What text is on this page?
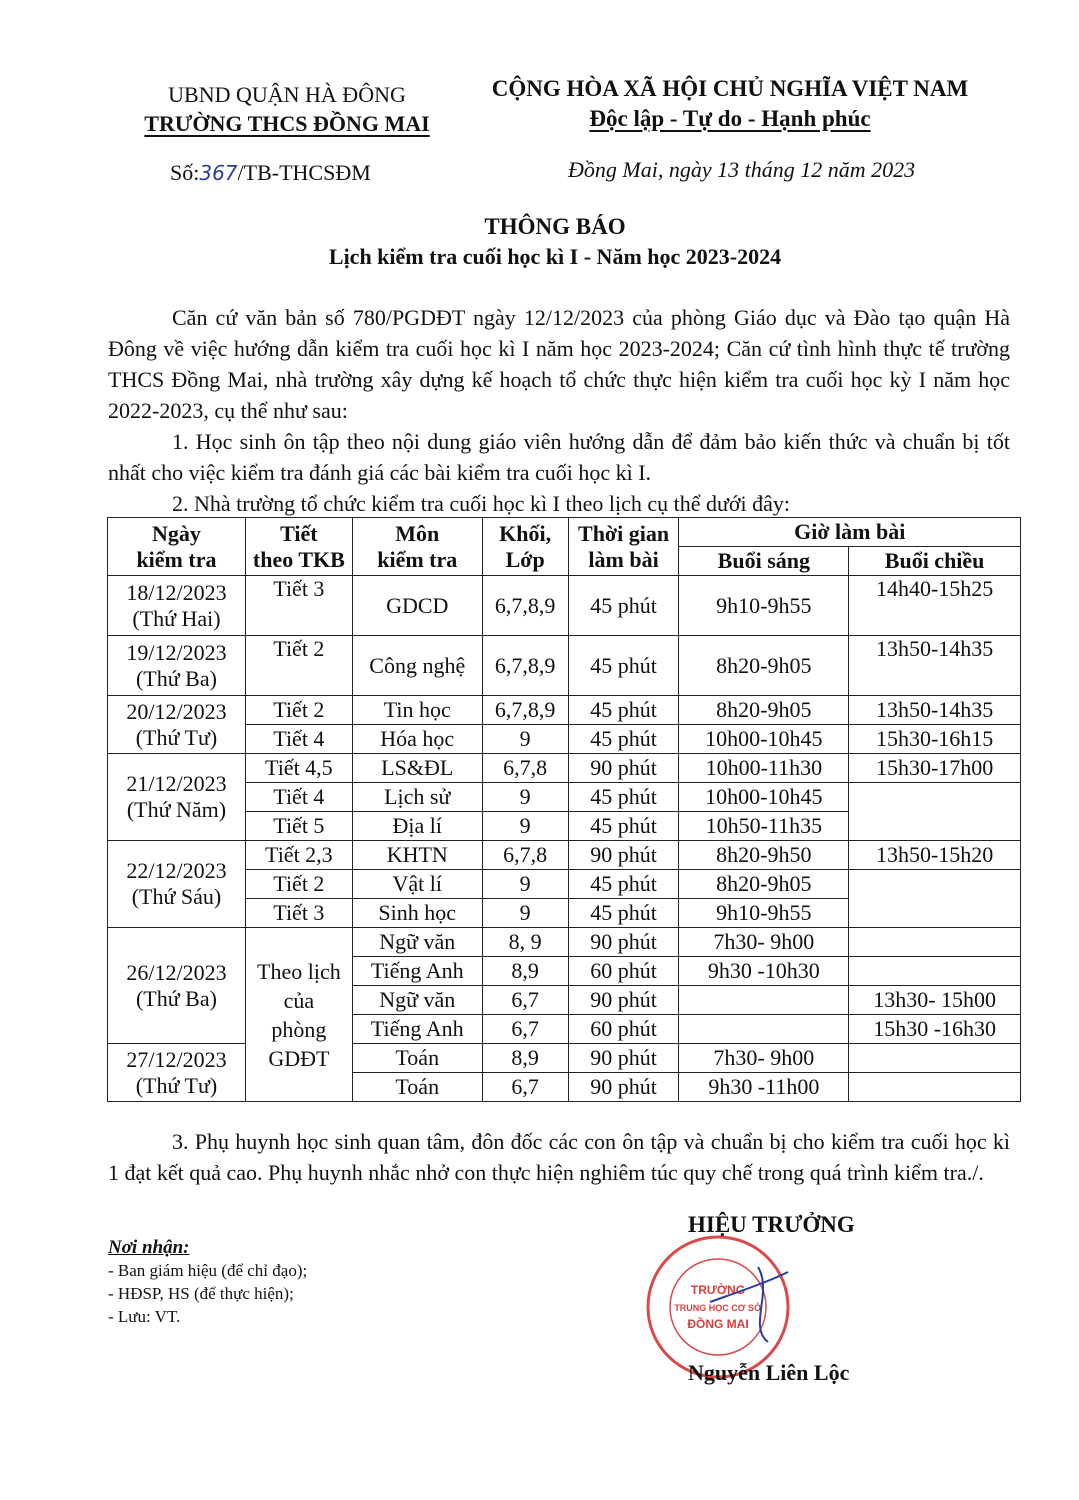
UBND QUẬN HÀ ĐÔNG
TRƯỜNG THCS ĐỒNG MAI
CỘNG HÒA XÃ HỘI CHỦ NGHĨA VIỆT NAM
Độc lập - Tự do - Hạnh phúc
Số:367/TB-THCSĐM	Đồng Mai, ngày 13 tháng 12 năm 2023
THÔNG BÁO
Lịch kiểm tra cuối học kì I - Năm học 2023-2024

Căn cứ văn bản số 780/PGDĐT ngày 12/12/2023 của phòng Giáo dục và Đào tạo quận Hà Đông về việc hướng dẫn kiểm tra cuối học kì I năm học 2023-2024; Căn cứ tình hình thực tế trường THCS Đồng Mai, nhà trường xây dựng kế hoạch tổ chức thực hiện kiểm tra cuối học kỳ I năm học 2022-2023, cụ thể như sau:

1. Học sinh ôn tập theo nội dung giáo viên hướng dẫn để đảm bảo kiến thức và chuẩn bị tốt nhất cho việc kiểm tra đánh giá các bài kiểm tra cuối học kì I.

2. Nhà trường tổ chức kiểm tra cuối học kì I theo lịch cụ thể dưới đây:

Ngày
kiểm tra	Tiết
theo TKB	Môn
kiểm tra	Khối,
Lớp	Thời gian
làm bài	Giờ làm bài	
					Buổi sáng	Buổi chiều
18/12/2023
(Thứ Hai)	Tiết 3	GDCD	6,7,8,9	45 phút	9h10-9h55	14h40-15h25
19/12/2023
(Thứ Ba)	Tiết 2	Công nghệ	6,7,8,9	45 phút	8h20-9h05	13h50-14h35
20/12/2023
(Thứ Tư)	Tiết 2	Tin học	6,7,8,9	45 phút	8h20-9h05	13h50-14h35
	Tiết 4	Hóa học	9	45 phút	10h00-10h45	15h30-16h15
21/12/2023
(Thứ Năm)	Tiết 4,5	LS&ĐL	6,7,8	90 phút	10h00-11h30	15h30-17h00
	Tiết 4	Lịch sử	9	45 phút	10h00-10h45	
	Tiết 5	Địa lí	9	45 phút	10h50-11h35	
22/12/2023
(Thứ Sáu)	Tiết 2,3	KHTN	6,7,8	90 phút	8h20-9h50	13h50-15h20
	Tiết 2	Vật lí	9	45 phút	8h20-9h05	
	Tiết 3	Sinh học	9	45 phút	9h10-9h55	
26/12/2023
(Thứ Ba)	Theo lịch
của
phòng
GDĐT	Ngữ văn	8, 9	90 phút	7h30- 9h00	
		Tiếng Anh	8,9	60 phút	9h30 -10h30	
		Ngữ văn	6,7	90 phút		13h30- 15h00
		Tiếng Anh	6,7	60 phút		15h30 -16h30
27/12/2023
(Thứ Tư)		Toán	8,9	90 phút	7h30- 9h00	
		Toán	6,7	90 phút	9h30 -11h00	
3. Phụ huynh học sinh quan tâm, đôn đốc các con ôn tập và chuẩn bị cho kiểm tra cuối học kì 1 đạt kết quả cao. Phụ huynh nhắc nhở con thực hiện nghiêm túc quy chế trong quá trình kiểm tra./.
Nơi nhận:
- Ban giám hiệu (để chỉ đạo);
- HĐSP, HS (để thực hiện);
- Lưu: VT.
HIỆU TRƯỞNG
TRƯỜNG
TRUNG HỌC CƠ SỞ
ĐỒNG MAI
Nguyễn Liên Lộc
